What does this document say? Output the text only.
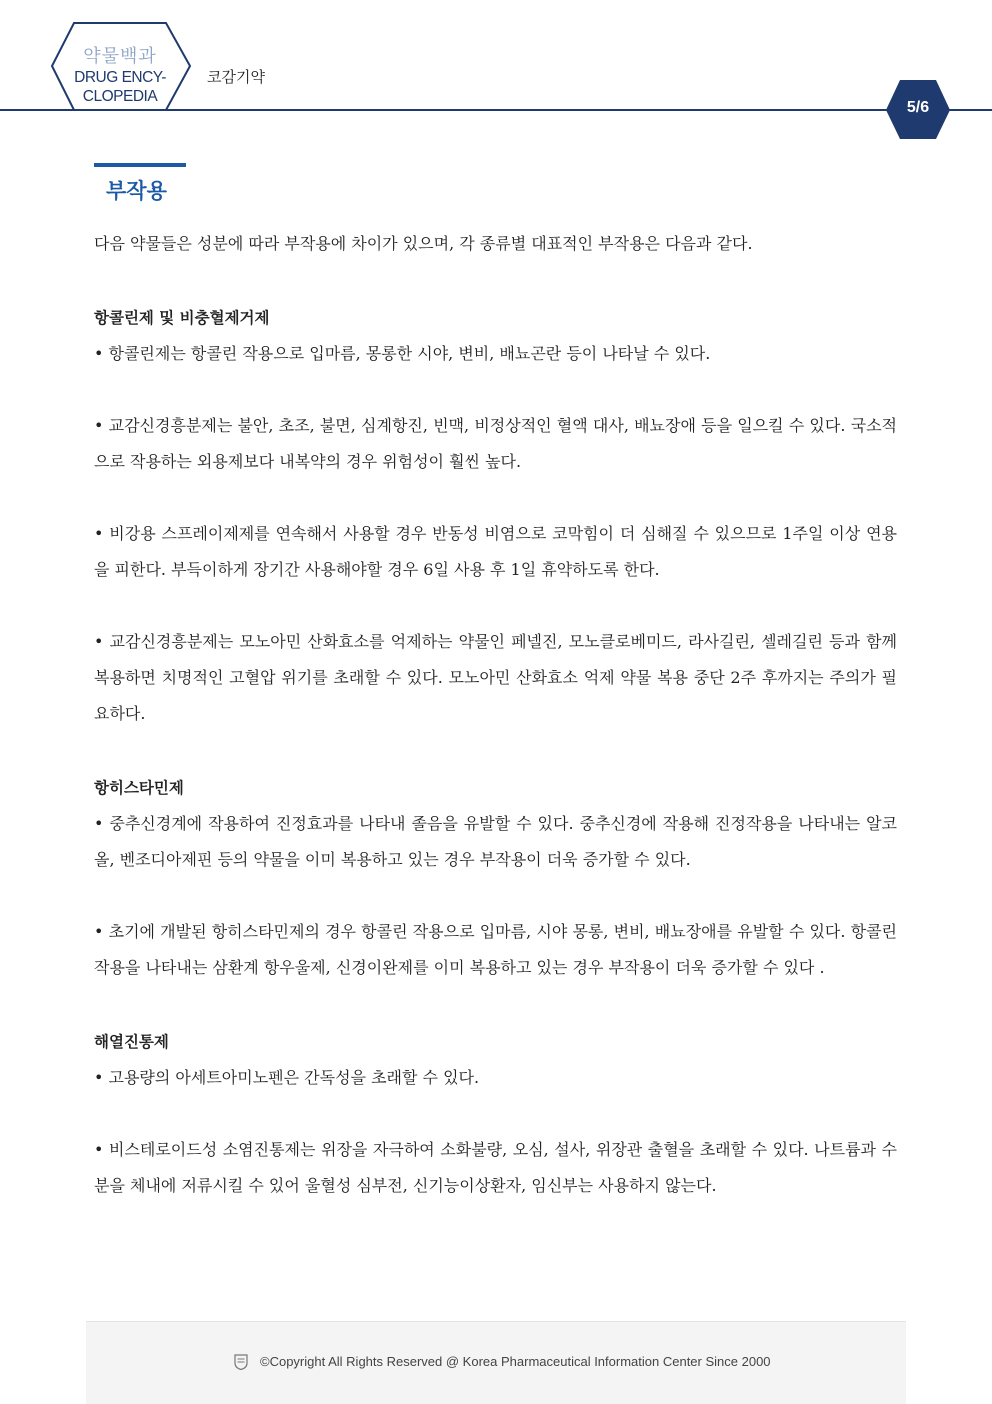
약물백과
DRUG ENCY-
CLOPEDIA
코감기약
5/6
부작용

다음 약물들은 성분에 따라 부작용에 차이가 있으며, 각 종류별 대표적인 부작용은 다음과 같다.

항콜린제 및 비충혈제거제

• 항콜린제는 항콜린 작용으로 입마름, 몽롱한 시야, 변비, 배뇨곤란 등이 나타날 수 있다.

• 교감신경흥분제는 불안, 초조, 불면, 심계항진, 빈맥, 비정상적인 혈액 대사, 배뇨장애 등을 일으킬 수 있다. 국소적으로 작용하는 외용제보다 내복약의 경우 위험성이 훨씬 높다.

• 비강용 스프레이제제를 연속해서 사용할 경우 반동성 비염으로 코막힘이 더 심해질 수 있으므로 1주일 이상 연용을 피한다. 부득이하게 장기간 사용해야할 경우 6일 사용 후 1일 휴약하도록 한다.

• 교감신경흥분제는 모노아민 산화효소를 억제하는 약물인 페넬진, 모노클로베미드, 라사길린, 셀레길린 등과 함께 복용하면 치명적인 고혈압 위기를 초래할 수 있다. 모노아민 산화효소 억제 약물 복용 중단 2주 후까지는 주의가 필요하다.

항히스타민제

• 중추신경계에 작용하여 진정효과를 나타내 졸음을 유발할 수 있다. 중추신경에 작용해 진정작용을 나타내는 알코올, 벤조디아제핀 등의 약물을 이미 복용하고 있는 경우 부작용이 더욱 증가할 수 있다.

• 초기에 개발된 항히스타민제의 경우 항콜린 작용으로 입마름, 시야 몽롱, 변비, 배뇨장애를 유발할 수 있다. 항콜린 작용을 나타내는 삼환계 항우울제, 신경이완제를 이미 복용하고 있는 경우 부작용이 더욱 증가할 수 있다 .

해열진통제

• 고용량의 아세트아미노펜은 간독성을 초래할 수 있다.

• 비스테로이드성 소염진통제는 위장을 자극하여 소화불량, 오심, 설사, 위장관 출혈을 초래할 수 있다. 나트륨과 수분을 체내에 저류시킬 수 있어 울혈성 심부전, 신기능이상환자, 임신부는 사용하지 않는다.

©Copyright All Rights Reserved @ Korea Pharmaceutical Information Center Since 2000
